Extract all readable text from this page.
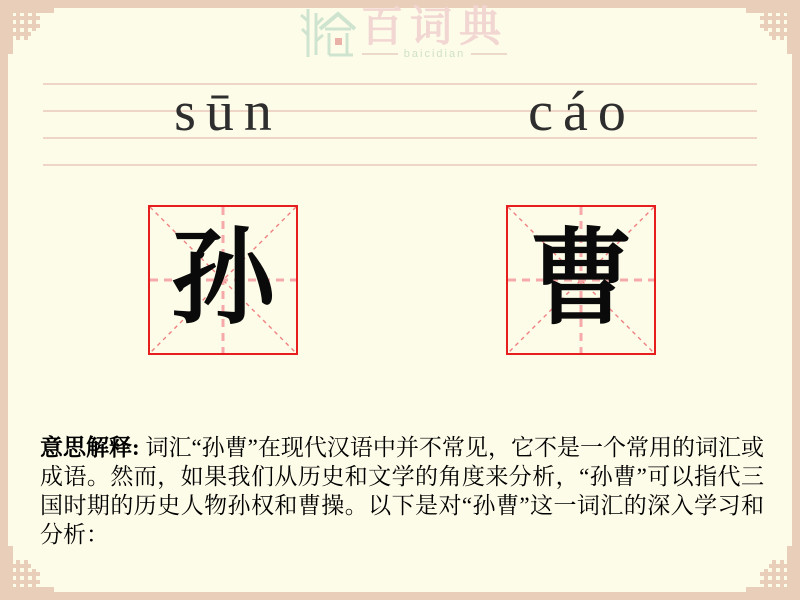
百词典
baicidian
sūn	cáo
孙 曹

意思解释: 词汇“孙曹”在现代汉语中并不常见，它不是一个常用的词汇或成语。然而，如果我们从历史和文学的角度来分析，“孙曹”可以指代三国时期的历史人物孙权和曹操。以下是对“孙曹”这一词汇的深入学习和分析：
